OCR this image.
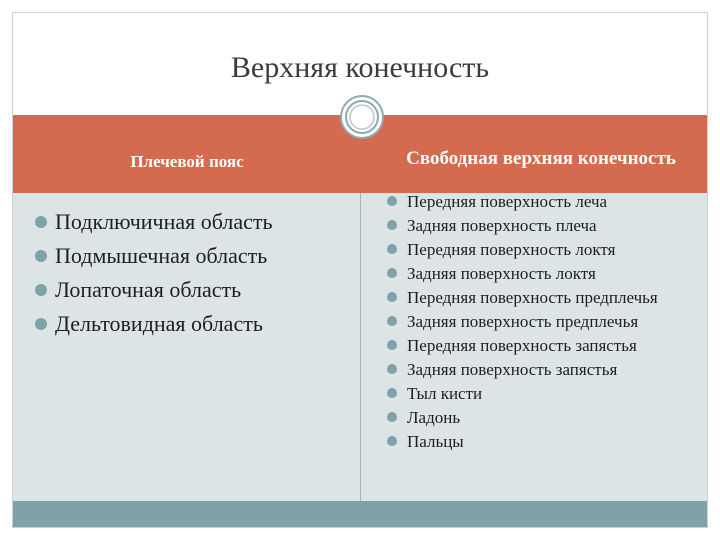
Верхняя конечность
Плечевой пояс	Свободная верхняя конечность
Подключичная область
Подмышечная область
Лопаточная область
Дельтовидная область
Передняя поверхность леча
Задняя поверхность плеча
Передняя поверхность локтя
Задняя поверхность локтя
Передняя поверхность предплечья
Задняя поверхность предплечья
Передняя поверхность запястья
Задняя поверхность запястья
Тыл кисти
Ладонь
Пальцы
